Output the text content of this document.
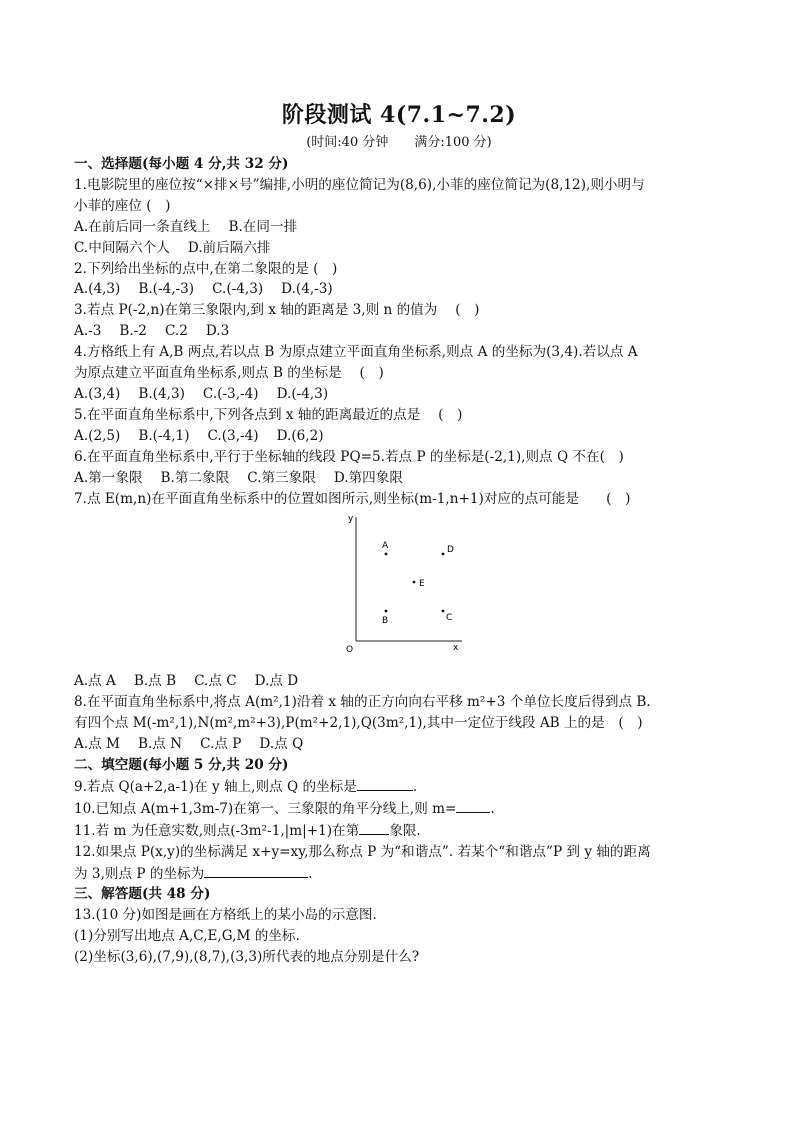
阶段测试 4(7.1~7.2)
(时间:40 分钟　　满分:100 分)
一、选择题(每小题 4 分,共 32 分)
1.电影院里的座位按“×排×号”编排,小明的座位简记为(8,6),小菲的座位简记为(8,12),则小明与
小菲的座位 (　)
A.在前后同一条直线上 B.在同一排
C.中间隔六个人 D.前后隔六排
2.下列给出坐标的点中,在第二象限的是 (　)
A.(4,3) B.(-4,-3) C.(-4,3) D.(4,-3)
3.若点 P(-2,n)在第三象限内,到 x 轴的距离是 3,则 n 的值为　 (　)
A.-3 B.-2 C.2 D.3
4.方格纸上有 A,B 两点,若以点 B 为原点建立平面直角坐标系,则点 A 的坐标为(3,4).若以点 A
为原点建立平面直角坐标系,则点 B 的坐标是　 (　)
A.(3,4) B.(4,3) C.(-3,-4) D.(-4,3)
5.在平面直角坐标系中,下列各点到 x 轴的距离最近的点是　 (　)
A.(2,5) B.(-4,1) C.(3,-4) D.(6,2)
6.在平面直角坐标系中,平行于坐标轴的线段 PQ=5.若点 P 的坐标是(-2,1),则点 Q 不在(　)
A.第一象限 B.第二象限 C.第三象限 D.第四象限
7.点 E(m,n)在平面直角坐标系中的位置如图所示,则坐标(m-1,n+1)对应的点可能是　　(　)
y
x
O
A	D
E
B	C
A.点 A B.点 B C.点 C D.点 D
8.在平面直角坐标系中,将点 A(m²,1)沿着 x 轴的正方向向右平移 m²+3 个单位长度后得到点 B.
有四个点 M(-m²,1),N(m²,m²+3),P(m²+2,1),Q(3m²,1),其中一定位于线段 AB 上的是　(　)
A.点 M B.点 N C.点 P D.点 Q
二、填空题(每小题 5 分,共 20 分)
9.若点 Q(a+2,a-1)在 y 轴上,则点 Q 的坐标是	.
10.已知点 A(m+1,3m-7)在第一、三象限的角平分线上,则 m=	.
11.若 m 为任意实数,则点(-3m²-1,|m|+1)在第 象限.
12.如果点 P(x,y)的坐标满足 x+y=xy,那么称点 P 为“和谐点”. 若某个“和谐点”P 到 y 轴的距离
为 3,则点 P 的坐标为	.
三、解答题(共 48 分)
13.(10 分)如图是画在方格纸上的某小岛的示意图.
(1)分别写出地点 A,C,E,G,M 的坐标.
(2)坐标(3,6),(7,9),(8,7),(3,3)所代表的地点分别是什么?
